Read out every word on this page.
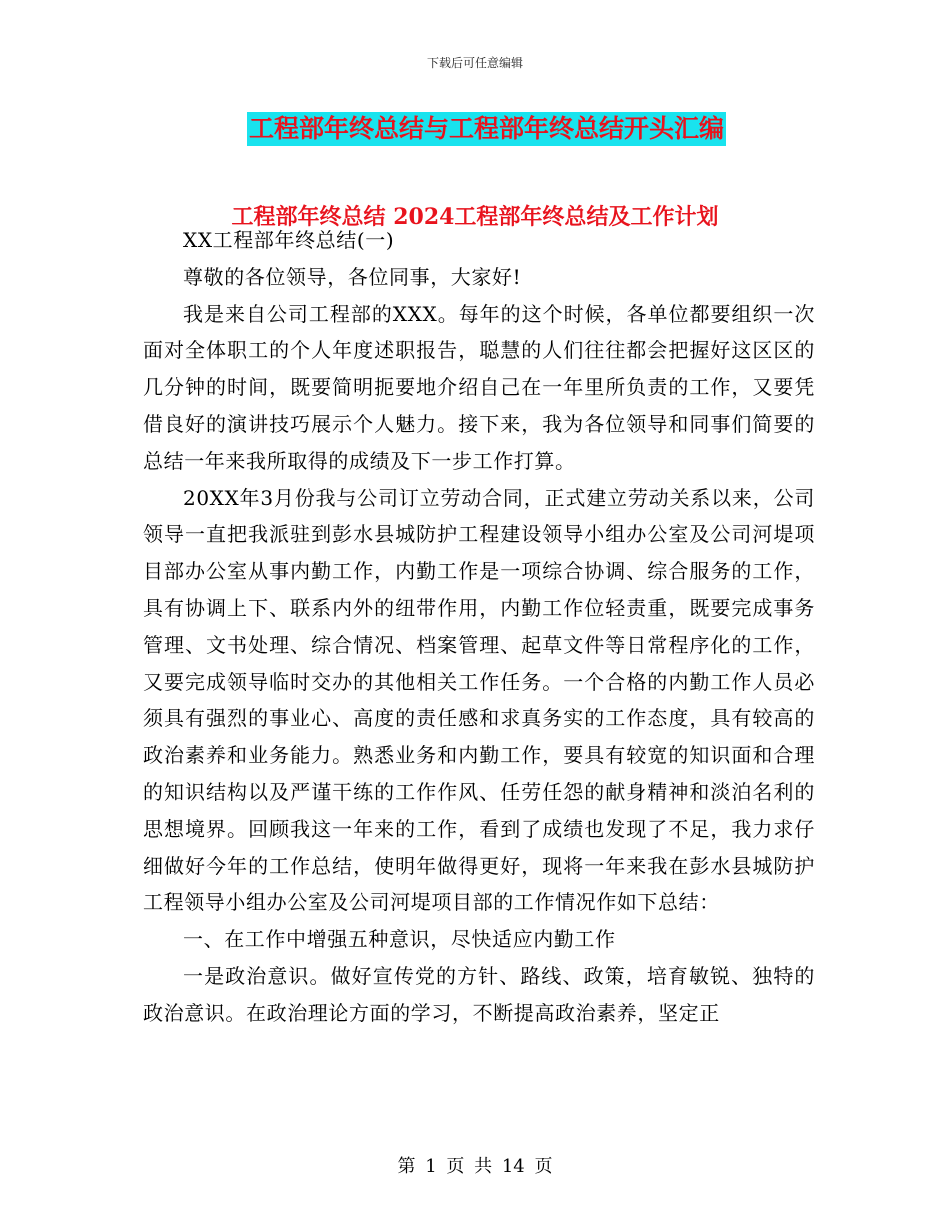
下载后可任意编辑
工程部年终总结与工程部年终总结开头汇编
工程部年终总结 2024工程部年终总结及工作计划

XX工程部年终总结(一)

尊敬的各位领导，各位同事，大家好!

我是来自公司工程部的XXX。每年的这个时候，各单位都要组织一次面对全体职工的个人年度述职报告，聪慧的人们往往都会把握好这区区的几分钟的时间，既要简明扼要地介绍自己在一年里所负责的工作，又要凭借良好的演讲技巧展示个人魅力。接下来，我为各位领导和同事们简要的总结一年来我所取得的成绩及下一步工作打算。

20XX年3月份我与公司订立劳动合同，正式建立劳动关系以来，公司领导一直把我派驻到彭水县城防护工程建设领导小组办公室及公司河堤项目部办公室从事内勤工作，内勤工作是一项综合协调、综合服务的工作，具有协调上下、联系内外的纽带作用，内勤工作位轻责重，既要完成事务管理、文书处理、综合情况、档案管理、起草文件等日常程序化的工作，又要完成领导临时交办的其他相关工作任务。一个合格的内勤工作人员必须具有强烈的事业心、高度的责任感和求真务实的工作态度，具有较高的政治素养和业务能力。熟悉业务和内勤工作，要具有较宽的知识面和合理的知识结构以及严谨干练的工作作风、任劳任怨的献身精神和淡泊名利的思想境界。回顾我这一年来的工作，看到了成绩也发现了不足，我力求仔细做好今年的工作总结，使明年做得更好，现将一年来我在彭水县城防护工程领导小组办公室及公司河堤项目部的工作情况作如下总结：

一、在工作中增强五种意识，尽快适应内勤工作

一是政治意识。做好宣传党的方针、路线、政策，培育敏锐、独特的政治意识。在政治理论方面的学习，不断提高政治素养，坚定正

第 1 页 共 14 页
